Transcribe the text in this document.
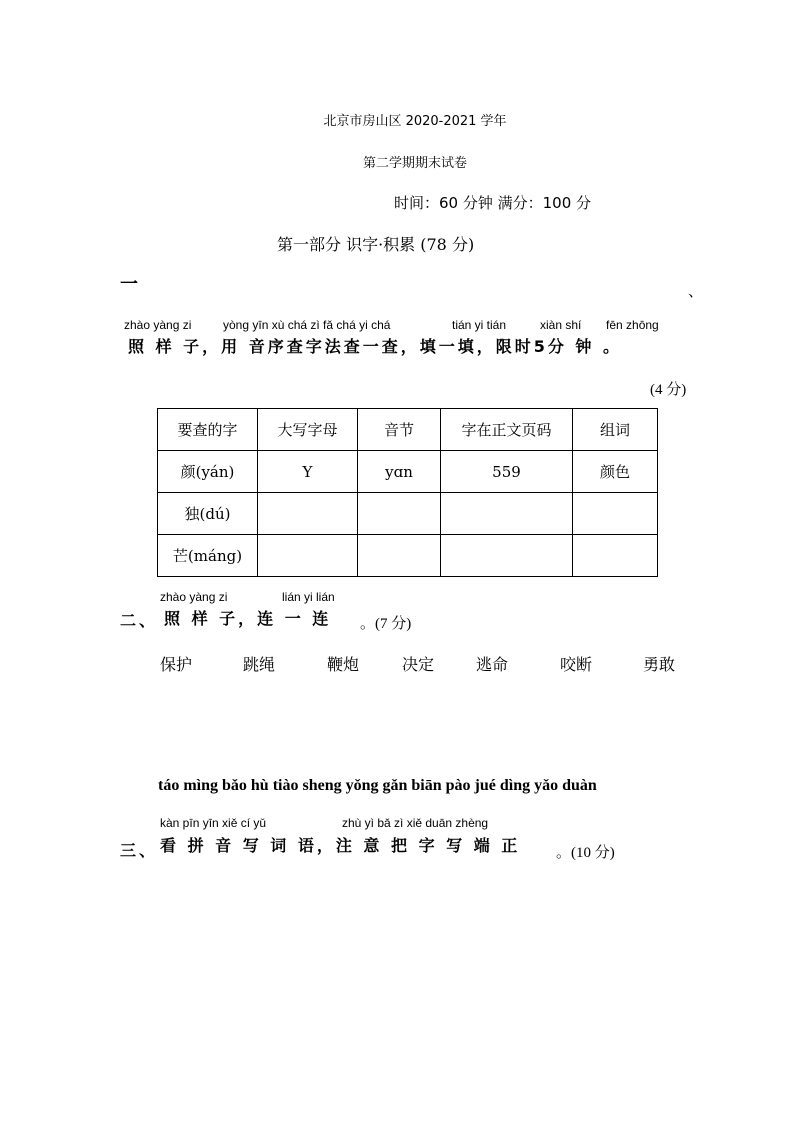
北京市房山区 2020-2021 学年
第二学期期末试卷
时间：60 分钟 满分：100 分
第一部分 识字·积累 (78 分)
一	、
zhào yàng zi	yòng yīn xù chá zì fǎ chá yi chá	tián yi tián	xiàn shí fēn zhōng
照 样 子，用 音序查字法查一查，填一填，限时5分 钟 。
(4 分)
要查的字	大写字母	音节	字在正文页码	组词
颜(yán)	Y	yɑn	559	颜色
独(dú)				
芒(máng)				
zhào yàng zi	lián yi lián
二、 照 样 子，连 一 连 。(7 分)
保护	跳绳	鞭炮	决定	逃命	咬断	勇敢
táo mìng bǎo hù tiào sheng yǒng gǎn biān pào jué dìng yǎo duàn
kàn pīn yīn xiě cí yǔ	zhù yì bǎ zì xiě duān zhèng
三、 看 拼 音 写 词 语，注 意 把 字 写 端 正 。(10 分)
